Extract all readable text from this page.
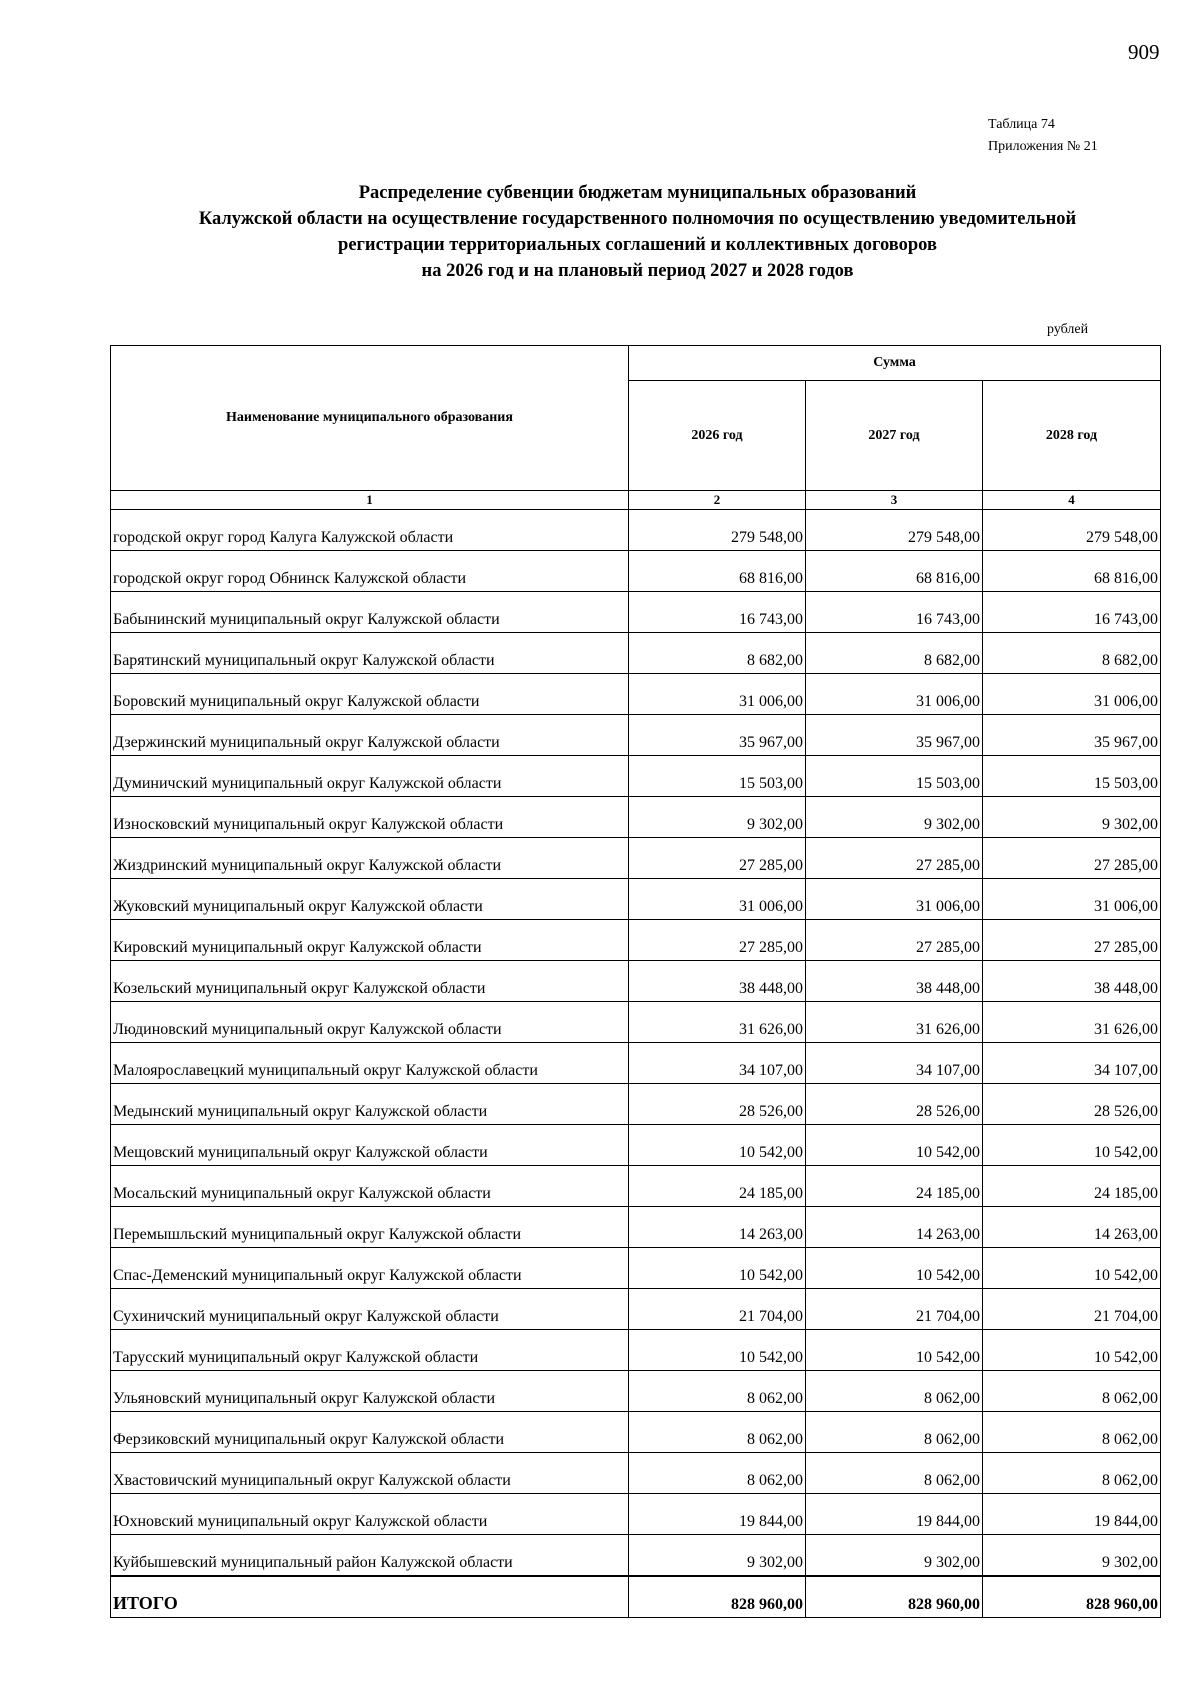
909
Таблица 74
Приложения № 21
Распределение субвенции бюджетам муниципальных образований
Калужской области на осуществление государственного полномочия по осуществлению уведомительной
регистрации территориальных соглашений и коллективных договоров
на 2026 год и на плановый период 2027 и 2028 годов
рублей
Наименование муниципального образования	Сумма		
	2026 год	2027 год	2028 год
1	2	3	4
городской округ город Калуга Калужской области	279 548,00	279 548,00	279 548,00
городской округ город Обнинск Калужской области	68 816,00	68 816,00	68 816,00
Бабынинский муниципальный округ Калужской области	16 743,00	16 743,00	16 743,00
Барятинский муниципальный округ Калужской области	8 682,00	8 682,00	8 682,00
Боровский муниципальный округ Калужской области	31 006,00	31 006,00	31 006,00
Дзержинский муниципальный округ Калужской области	35 967,00	35 967,00	35 967,00
Думиничский муниципальный округ Калужской области	15 503,00	15 503,00	15 503,00
Износковский муниципальный округ Калужской области	9 302,00	9 302,00	9 302,00
Жиздринский муниципальный округ Калужской области	27 285,00	27 285,00	27 285,00
Жуковский муниципальный округ Калужской области	31 006,00	31 006,00	31 006,00
Кировский муниципальный округ Калужской области	27 285,00	27 285,00	27 285,00
Козельский муниципальный округ Калужской области	38 448,00	38 448,00	38 448,00
Людиновский муниципальный округ Калужской области	31 626,00	31 626,00	31 626,00
Малоярославецкий муниципальный округ Калужской области	34 107,00	34 107,00	34 107,00
Медынский муниципальный округ Калужской области	28 526,00	28 526,00	28 526,00
Мещовский муниципальный округ Калужской области	10 542,00	10 542,00	10 542,00
Мосальский муниципальный округ Калужской области	24 185,00	24 185,00	24 185,00
Перемышльский муниципальный округ Калужской области	14 263,00	14 263,00	14 263,00
Спас-Деменский муниципальный округ Калужской области	10 542,00	10 542,00	10 542,00
Сухиничский муниципальный округ Калужской области	21 704,00	21 704,00	21 704,00
Тарусский муниципальный округ Калужской области	10 542,00	10 542,00	10 542,00
Ульяновский муниципальный округ Калужской области	8 062,00	8 062,00	8 062,00
Ферзиковский муниципальный округ Калужской области	8 062,00	8 062,00	8 062,00
Хвастовичский муниципальный округ Калужской области	8 062,00	8 062,00	8 062,00
Юхновский муниципальный округ Калужской области	19 844,00	19 844,00	19 844,00
Куйбышевский муниципальный район Калужской области	9 302,00	9 302,00	9 302,00
ИТОГО	828 960,00	828 960,00	828 960,00
